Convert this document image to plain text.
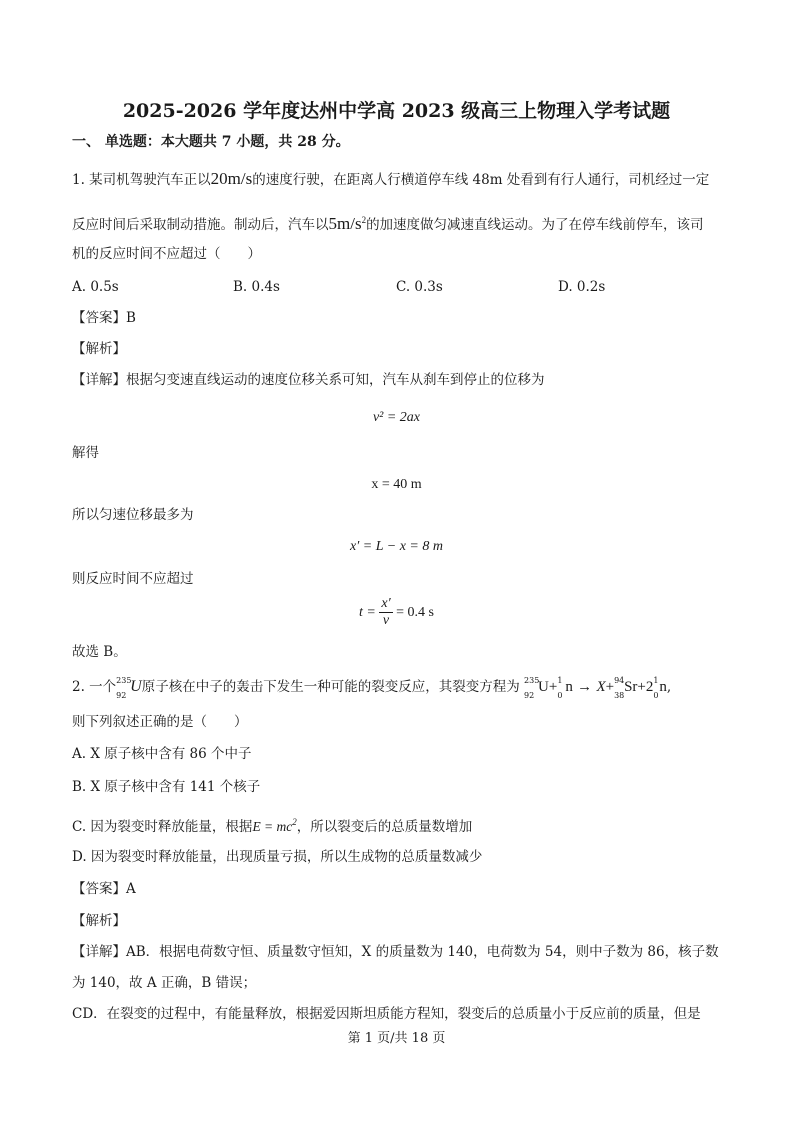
2025-2026 学年度达州中学高 2023 级高三上物理入学考试题
一、 单选题：本大题共 7 小题，共 28 分。
1. 某司机驾驶汽车正以20m/s的速度行驶，在距离人行横道停车线 48m 处看到有行人通行，司机经过一定
反应时间后采取制动措施。制动后，汽车以$5m/s^2$的加速度做匀减速直线运动。为了在停车线前停车，该司
机的反应时间不应超过（　　）
A. 0.5s	B. 0.4s	C. 0.3s	D. 0.2s
【答案】B
【解析】
【详解】根据匀变速直线运动的速度位移关系可知，汽车从刹车到停止的位移为
v² = 2ax
解得
x = 40 m
所以匀速位移最多为
x′ = L − x = 8 m
则反应时间不应超过
$t = \frac{x'}{v} = 0.4$ s
故选 B。
2. 一个 235
92 U原子核在中子的轰击下发生一种可能的裂变反应，其裂变方程为 235
92 U+ 1
0 n → X+ 94
38 Sr+2 1
0 n,
则下列叙述正确的是（　　）
A. X 原子核中含有 86 个中子
B. X 原子核中含有 141 个核子
C. 因为裂变时释放能量，根据$E = mc^2$，所以裂变后的总质量数增加
D. 因为裂变时释放能量，出现质量亏损，所以生成物的总质量数减少
【答案】A
【解析】
【详解】AB．根据电荷数守恒、质量数守恒知，X 的质量数为 140，电荷数为 54，则中子数为 86，核子数
为 140，故 A 正确，B 错误；
CD．在裂变的过程中，有能量释放，根据爱因斯坦质能方程知，裂变后的总质量小于反应前的质量，但是
第 1 页/共 18 页
